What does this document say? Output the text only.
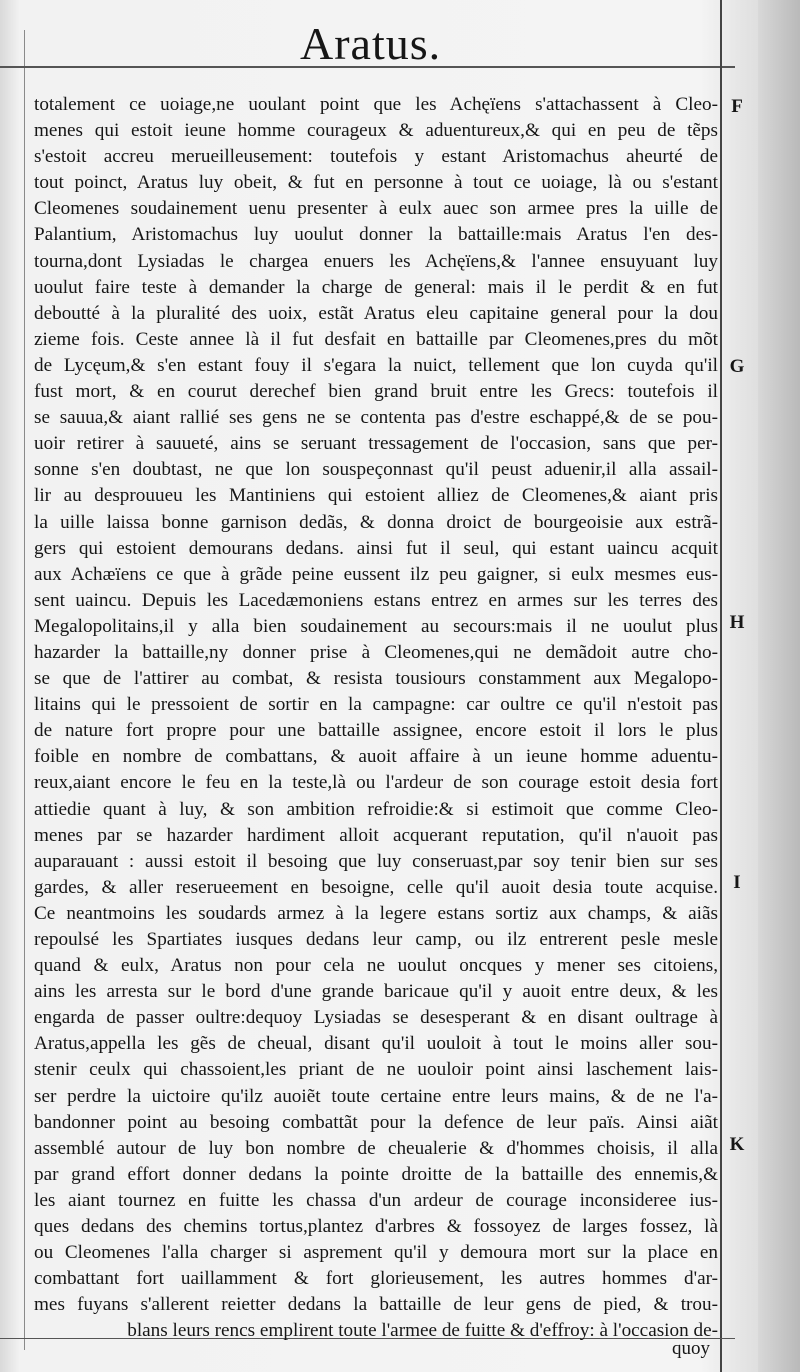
Aratus.
totalement ce uoiage,ne uoulant point que les Achęïens s'attachassent à Cleo-
menes qui estoit ieune homme courageux & aduentureux,& qui en peu de tẽps
s'estoit accreu merueilleusement: toutefois y estant Aristomachus aheurté de
tout poinct, Aratus luy obeit, & fut en personne à tout ce uoiage, là ou s'estant
Cleomenes soudainement uenu presenter à eulx auec son armee pres la uille de
Palantium, Aristomachus luy uoulut donner la battaille:mais Aratus l'en des-
tourna,dont Lysiadas le chargea enuers les Achęïens,& l'annee ensuyuant luy
uoulut faire teste à demander la charge de general: mais il le perdit & en fut
deboutté à la pluralité des uoix, estãt Aratus eleu capitaine general pour la dou
zieme fois. Ceste annee là il fut desfait en battaille par Cleomenes,pres du mõt
de Lycęum,& s'en estant fouy il s'egara la nuict, tellement que lon cuyda qu'il
fust mort, & en courut derechef bien grand bruit entre les Grecs: toutefois il
se sauua,& aiant rallié ses gens ne se contenta pas d'estre eschappé,& de se pou-
uoir retirer à sauueté, ains se seruant tressagement de l'occasion, sans que per-
sonne s'en doubtast, ne que lon souspeçonnast qu'il peust aduenir,il alla assail-
lir au desprouueu les Mantiniens qui estoient alliez de Cleomenes,& aiant pris
la uille laissa bonne garnison dedãs, & donna droict de bourgeoisie aux estrã-
gers qui estoient demourans dedans. ainsi fut il seul, qui estant uaincu acquit
aux Achæïens ce que à grãde peine eussent ilz peu gaigner, si eulx mesmes eus-
sent uaincu. Depuis les Lacedæmoniens estans entrez en armes sur les terres des
Megalopolitains,il y alla bien soudainement au secours:mais il ne uoulut plus
hazarder la battaille,ny donner prise à Cleomenes,qui ne demãdoit autre cho-
se que de l'attirer au combat, & resista tousiours constamment aux Megalopo-
litains qui le pressoient de sortir en la campagne: car oultre ce qu'il n'estoit pas
de nature fort propre pour une battaille assignee, encore estoit il lors le plus
foible en nombre de combattans, & auoit affaire à un ieune homme aduentu-
reux,aiant encore le feu en la teste,là ou l'ardeur de son courage estoit desia fort
attiedie quant à luy, & son ambition refroidie:& si estimoit que comme Cleo-
menes par se hazarder hardiment alloit acquerant reputation, qu'il n'auoit pas
auparauant : aussi estoit il besoing que luy conseruast,par soy tenir bien sur ses
gardes, & aller reserueement en besoigne, celle qu'il auoit desia toute acquise.
Ce neantmoins les soudards armez à la legere estans sortiz aux champs, & aiãs
repoulsé les Spartiates iusques dedans leur camp, ou ilz entrerent pesle mesle
quand & eulx, Aratus non pour cela ne uoulut oncques y mener ses citoiens,
ains les arresta sur le bord d'une grande baricaue qu'il y auoit entre deux, & les
engarda de passer oultre:dequoy Lysiadas se desesperant & en disant oultrage à
Aratus,appella les gẽs de cheual, disant qu'il uouloit à tout le moins aller sou-
stenir ceulx qui chassoient,les priant de ne uouloir point ainsi laschement lais-
ser perdre la uictoire qu'ilz auoiẽt toute certaine entre leurs mains, & de ne l'a-
bandonner point au besoing combattãt pour la defence de leur païs. Ainsi aiãt
assemblé autour de luy bon nombre de cheualerie & d'hommes choisis, il alla
par grand effort donner dedans la pointe droitte de la battaille des ennemis,&
les aiant tournez en fuitte les chassa d'un ardeur de courage inconsideree ius-
ques dedans des chemins tortus,plantez d'arbres & fossoyez de larges fossez, là
ou Cleomenes l'alla charger si asprement qu'il y demoura mort sur la place en
combattant fort uaillamment & fort glorieusement, les autres hommes d'ar-
mes fuyans s'allerent reietter dedans la battaille de leur gens de pied, & trou-
blans leurs rencs emplirent toute l'armee de fuitte & d'effroy: à l'occasion de-
F
G
H
I
K
quoy
